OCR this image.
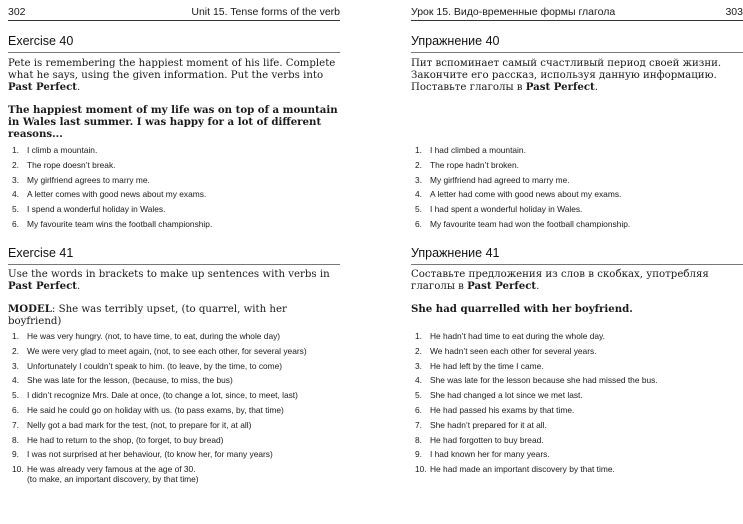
302	Unit 15. Tense forms of the verb
Exercise 40
Pete is remembering the happiest moment of his life. Complete what he says, using the given information. Put the verbs into Past Perfect.
The happiest moment of my life was on top of a mountain in Wales last summer. I was happy for a lot of different reasons...
1. I climb a mountain.
2. The rope doesn’t break.
3. My girlfriend agrees to marry me.
4. A letter comes with good news about my exams.
5. I spend a wonderful holiday in Wales.
6. My favourite team wins the football championship.
Exercise 41
Use the words in brackets to make up sentences with verbs in Past Perfect.
MODEL: She was terribly upset, (to quarrel, with her boyfriend)
1. He was very hungry. (not, to have time, to eat, during the whole day)
2. We were very glad to meet again, (not, to see each other, for several years)
3. Unfortunately I couldn’t speak to him. (to leave, by the time, to come)
4. She was late for the lesson, (because, to miss, the bus)
5. I didn’t recognize Mrs. Dale at once, (to change a lot, since, to meet, last)
6. He said he could go on holiday with us. (to pass exams, by, that time)
7. Nelly got a bad mark for the test, (not, to prepare for it, at all)
8. He had to return to the shop, (to forget, to buy bread)
9. I was not surprised at her behaviour, (to know her, for many years)
10. He was already very famous at the age of 30.
(to make, an important discovery, by that time)
Урок 15. Видо-временные формы глагола	303
Упражнение 40
Пит вспоминает самый счастливый период своей жизни. Закончите его рассказ, используя данную информацию. Поставьте глаголы в Past Perfect.
1. I had climbed a mountain.
2. The rope hadn’t broken.
3. My girlfriend had agreed to marry me.
4. A letter had come with good news about my exams.
5. I had spent a wonderful holiday in Wales.
6. My favourite team had won the football championship.
Упражнение 41
Составьте предложения из слов в скобках, употребляя глаголы в Past Perfect.
She had quarrelled with her boyfriend.
1. He hadn’t had time to eat during the whole day.
2. We hadn’t seen each other for several years.
3. He had left by the time I came.
4. She was late for the lesson because she had missed the bus.
5. She had changed a lot since we met last.
6. He had passed his exams by that time.
7. She hadn’t prepared for it at all.
8. He had forgotten to buy bread.
9. I had known her for many years.
10. He had made an important discovery by that time.
